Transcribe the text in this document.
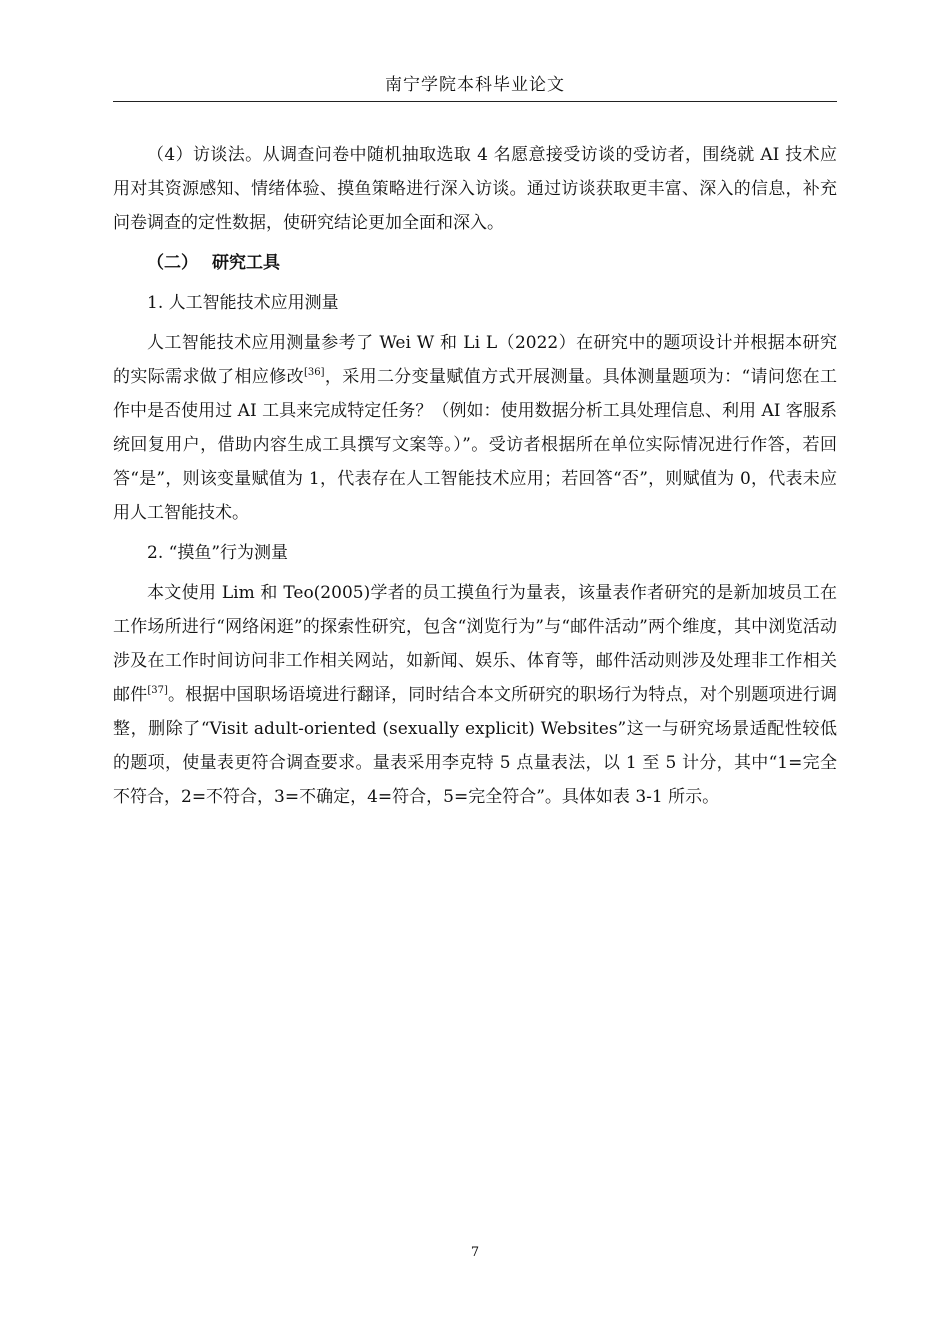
南宁学院本科毕业论文

（4）访谈法。从调查问卷中随机抽取选取 4 名愿意接受访谈的受访者，围绕就 AI 技术应用对其资源感知、情绪体验、摸鱼策略进行深入访谈。通过访谈获取更丰富、深入的信息，补充问卷调查的定性数据，使研究结论更加全面和深入。

（二） 研究工具
1. 人工智能技术应用测量

人工智能技术应用测量参考了 Wei W 和 Li L（2022）在研究中的题项设计并根据本研究的实际需求做了相应修改[36]，采用二分变量赋值方式开展测量。具体测量题项为：“请问您在工作中是否使用过 AI 工具来完成特定任务？（例如：使用数据分析工具处理信息、利用 AI 客服系统回复用户，借助内容生成工具撰写文案等。）”。受访者根据所在单位实际情况进行作答，若回答“是”，则该变量赋值为 1，代表存在人工智能技术应用；若回答“否”，则赋值为 0，代表未应用人工智能技术。

2. “摸鱼”行为测量

本文使用 Lim 和 Teo(2005)学者的员工摸鱼行为量表，该量表作者研究的是新加坡员工在工作场所进行“网络闲逛”的探索性研究，包含“浏览行为”与“邮件活动”两个维度，其中浏览活动涉及在工作时间访问非工作相关网站，如新闻、娱乐、体育等，邮件活动则涉及处理非工作相关邮件[37]。根据中国职场语境进行翻译，同时结合本文所研究的职场行为特点，对个别题项进行调整，删除了“Visit adult-oriented (sexually explicit) Websites”这一与研究场景适配性较低的题项，使量表更符合调查要求。量表采用李克特 5 点量表法，以 1 至 5 计分，其中“1=完全不符合，2=不符合，3=不确定，4=符合，5=完全符合”。具体如表 3-1 所示。

7
